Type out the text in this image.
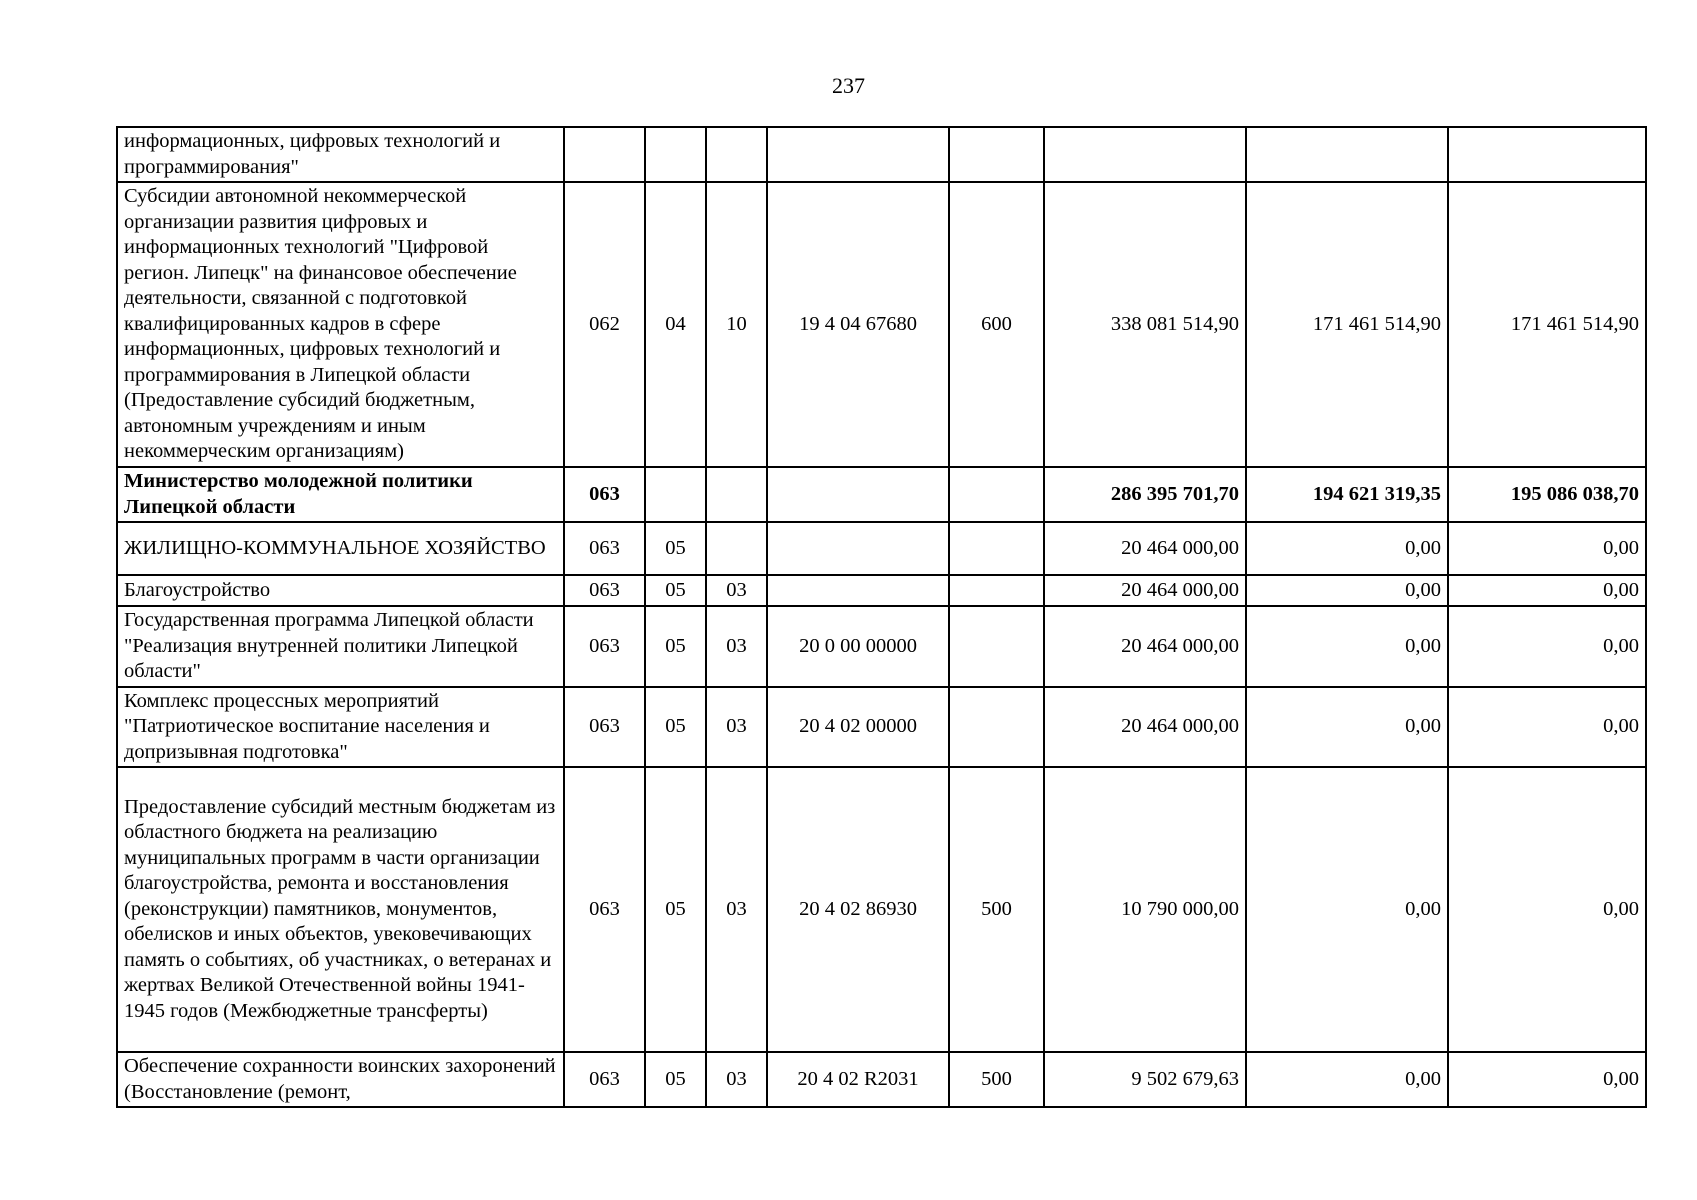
237
информационных, цифровых технологий и программирования"								
Субсидии автономной некоммерческой организации развития цифровых и информационных технологий "Цифровой регион. Липецк" на финансовое обеспечение деятельности, связанной с подготовкой квалифицированных кадров в сфере информационных, цифровых технологий и программирования в Липецкой области (Предоставление субсидий бюджетным, автономным учреждениям и иным некоммерческим организациям)	062	04	10	19 4 04 67680	600	338 081 514,90	171 461 514,90	171 461 514,90
Министерство молодежной политики Липецкой области	063					286 395 701,70	194 621 319,35	195 086 038,70
ЖИЛИЩНО-КОММУНАЛЬНОЕ ХОЗЯЙСТВО	063	05				20 464 000,00	0,00	0,00
Благоустройство	063	05	03			20 464 000,00	0,00	0,00
Государственная программа Липецкой области "Реализация внутренней политики Липецкой области"	063	05	03	20 0 00 00000		20 464 000,00	0,00	0,00
Комплекс процессных мероприятий "Патриотическое воспитание населения и допризывная подготовка"	063	05	03	20 4 02 00000		20 464 000,00	0,00	0,00
Предоставление субсидий местным бюджетам из областного бюджета на реализацию муниципальных программ в части организации благоустройства, ремонта и восстановления (реконструкции) памятников, монументов, обелисков и иных объектов, увековечивающих память о событиях, об участниках, о ветеранах и жертвах Великой Отечественной войны 1941-1945 годов (Межбюджетные трансферты)	063	05	03	20 4 02 86930	500	10 790 000,00	0,00	0,00
Обеспечение сохранности воинских захоронений (Восстановление (ремонт,	063	05	03	20 4 02 R2031	500	9 502 679,63	0,00	0,00
